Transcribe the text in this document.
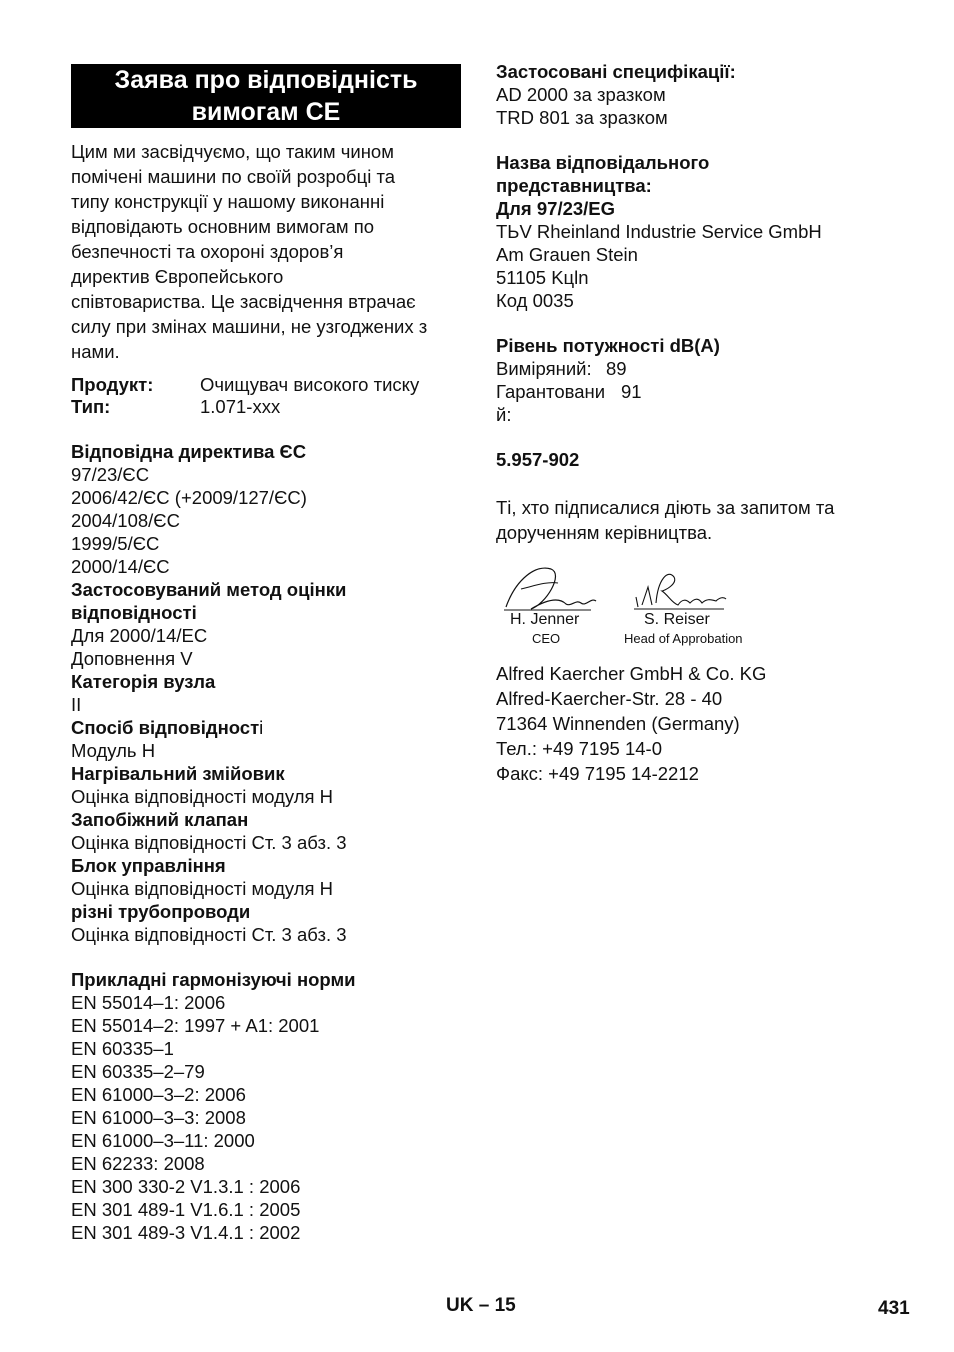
Заява про відповідність
вимогам CE
Цим ми засвідчуємо, що таким чином
помічені машини по своїй розробці та
типу конструкції у нашому виконанні
відповідають основним вимогам по
безпечності та охороні здоров’я
директив Європейського
співтовариства. Це засвідчення втрачає
силу при змінах машини, не узгоджених з
нами.
Продукт:	Очищувач високого тиску
Тип:	1.071-xxx
Відповідна директива ЄС
97/23/ЄС
2006/42/ЄС (+2009/127/ЄС)
2004/108/ЄС
1999/5/ЄС
2000/14/ЄС
Застосовуваний метод оцінки
відповідності
Для 2000/14/EC
Доповнення V
Категорія вузла
II
Спосіб відповідності
Модуль H
Нагрівальний змійовик
Оцінка відповідності модуля H
Запобіжний клапан
Оцінка відповідності Ст. 3 абз. 3
Блок управління
Оцінка відповідності модуля H
різні трубопроводи
Оцінка відповідності Ст. 3 абз. 3
Прикладні гармонізуючі норми
EN 55014–1: 2006
EN 55014–2: 1997 + A1: 2001
EN 60335–1
EN 60335–2–79
EN 61000–3–2: 2006
EN 61000–3–3: 2008
EN 61000–3–11: 2000
EN 62233: 2008
EN 300 330-2 V1.3.1 : 2006
EN 301 489-1 V1.6.1 : 2005
EN 301 489-3 V1.4.1 : 2002
Застосовані специфікації:
AD 2000 за зразком
TRD 801 за зразком
Назва відповідального
представництва:
Для 97/23/EG
ТЬV Rheinland Industrie Service GmbH
Am Grauen Stein
51105 Kцln
Код 0035
Рівень потужності dB(A)
Виміряний: 89
Гарантовани 91
й:
5.957-902
Ті, хто підписалися діють за запитом та
дорученням керівництва.
H. Jenner
CEO
S. Reiser
Head of Approbation
Alfred Kaercher GmbH & Co. KG
Alfred-Kaercher-Str. 28 - 40
71364 Winnenden (Germany)
Тел.: +49 7195 14-0
Факс: +49 7195 14-2212
UK – 15	431
